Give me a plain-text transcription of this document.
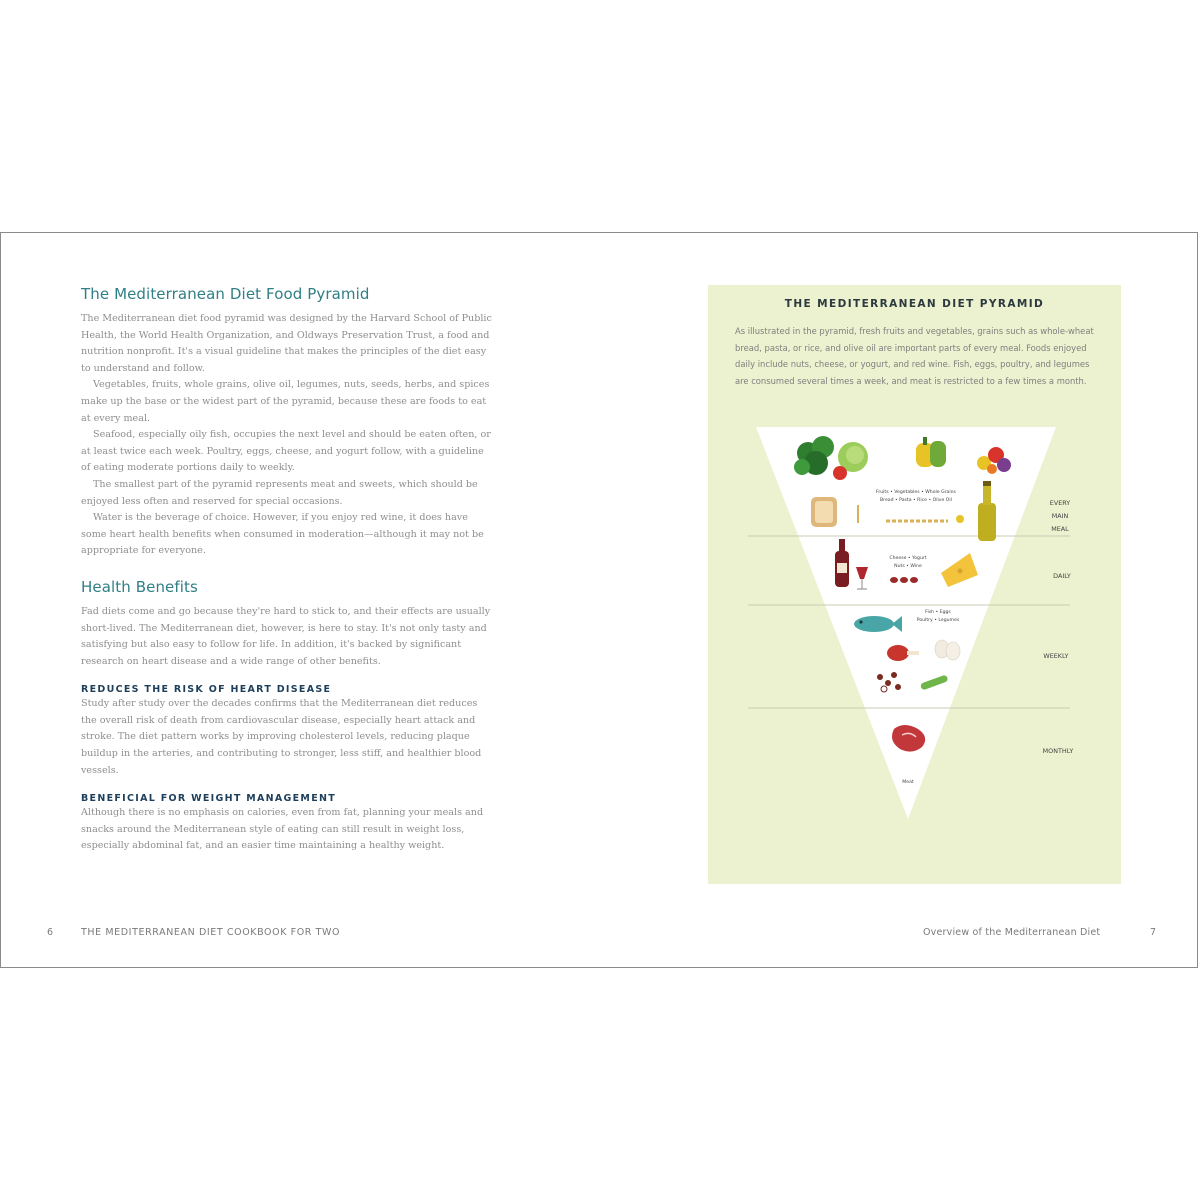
The Mediterranean Diet Food Pyramid

The Mediterranean diet food pyramid was designed by the Harvard School of Public Health, the World Health Organization, and Oldways Preservation Trust, a food and nutrition nonprofit. It's a visual guideline that makes the principles of the diet easy to understand and follow.

Vegetables, fruits, whole grains, olive oil, legumes, nuts, seeds, herbs, and spices make up the base or the widest part of the pyramid, because these are foods to eat at every meal.

Seafood, especially oily fish, occupies the next level and should be eaten often, or at least twice each week. Poultry, eggs, cheese, and yogurt follow, with a guideline of eating moderate portions daily to weekly.

The smallest part of the pyramid represents meat and sweets, which should be enjoyed less often and reserved for special occasions.

Water is the beverage of choice. However, if you enjoy red wine, it does have some heart health benefits when consumed in moderation—although it may not be appropriate for everyone.

Health Benefits

Fad diets come and go because they're hard to stick to, and their effects are usually short-lived. The Mediterranean diet, however, is here to stay. It's not only tasty and satisfying but also easy to follow for life. In addition, it's backed by significant research on heart disease and a wide range of other benefits.

REDUCES THE RISK OF HEART DISEASE

Study after study over the decades confirms that the Mediterranean diet reduces the overall risk of death from cardiovascular disease, especially heart attack and stroke. The diet pattern works by improving cholesterol levels, reducing plaque buildup in the arteries, and contributing to stronger, less stiff, and healthier blood vessels.

BENEFICIAL FOR WEIGHT MANAGEMENT

Although there is no emphasis on calories, even from fat, planning your meals and snacks around the Mediterranean style of eating can still result in weight loss, especially abdominal fat, and an easier time maintaining a healthy weight.

6	THE MEDITERRANEAN DIET COOKBOOK FOR TWO	Overview of the Mediterranean Diet	7
THE MEDITERRANEAN DIET PYRAMID

As illustrated in the pyramid, fresh fruits and vegetables, grains such as whole-wheat bread, pasta, or rice, and olive oil are important parts of every meal. Foods enjoyed daily include nuts, cheese, or yogurt, and red wine. Fish, eggs, poultry, and legumes are consumed several times a week, and meat is restricted to a few times a month.

Fruits • Vegetables • Whole Grains
Bread • Pasta • Rice • Olive Oil
Cheese • Yogurt
Nuts • Wine
Fish • Eggs
Poultry • Legumes
Meat
EVERY
MAIN
MEAL
DAILY
WEEKLY
MONTHLY
